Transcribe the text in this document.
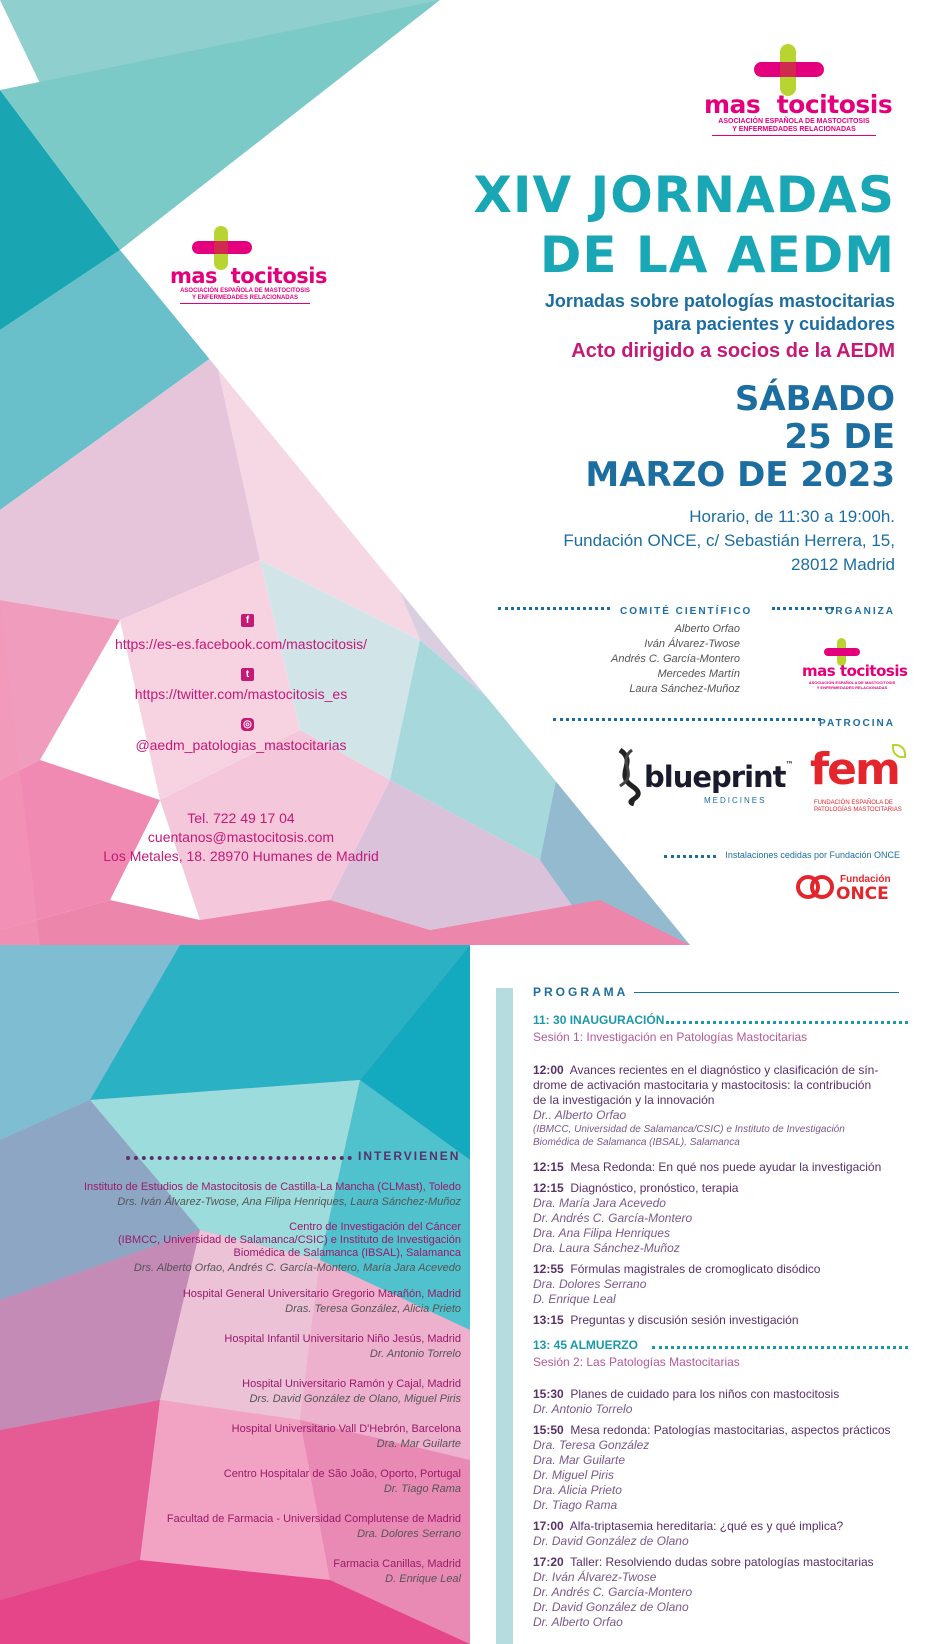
mas tocitosis
ASOCIACIÓN ESPAÑOLA DE MASTOCITOSIS
Y ENFERMEDADES RELACIONADAS
mas tocitosis
ASOCIACIÓN ESPAÑOLA DE MASTOCITOSIS
Y ENFERMEDADES RELACIONADAS
XIV JORNADAS
DE LA AEDM
Jornadas sobre patologías mastocitarias
para pacientes y cuidadores
Acto dirigido a socios de la AEDM
SÁBADO
25 DE
MARZO DE 2023
Horario, de 11:30 a 19:00h.
Fundación ONCE, c/ Sebastián Herrera, 15,
28012 Madrid
COMITÉ CIENTÍFICO	ORGANIZA
Alberto Orfao
Iván Álvarez-Twose
Andrés C. García-Montero
Mercedes Martín
Laura Sánchez-Muñoz
mas tocitosis
ASOCIACIÓN ESPAÑOLA DE MASTOCITOSIS
Y ENFERMEDADES RELACIONADAS
PATROCINA
blueprint™
MEDICINES
fem
FUNDACIÓN ESPAÑOLA DE
PATOLOGÍAS MASTOCITARIAS
Instalaciones cedidas por Fundación ONCE
Fundación
ONCE
f
https://es-es.facebook.com/mastocitosis/
t
https://twitter.com/mastocitosis_es
◎
@aedm_patologias_mastocitarias
Tel. 722 49 17 04
cuentanos@mastocitosis.com
Los Metales, 18. 28970 Humanes de Madrid
INTERVIENEN
Instituto de Estudios de Mastocitosis de Castilla-La Mancha (CLMast), Toledo
Drs. Iván Álvarez-Twose, Ana Filipa Henriques, Laura Sánchez-Muñoz
Centro de Investigación del Cáncer
(IBMCC, Universidad de Salamanca/CSIC) e Instituto de Investigación
Biomédica de Salamanca (IBSAL), Salamanca
Drs. Alberto Orfao, Andrés C. García-Montero, María Jara Acevedo
Hospital General Universitario Gregorio Marañón, Madrid
Dras. Teresa González, Alicia Prieto
Hospital Infantil Universitario Niño Jesús, Madrid
Dr. Antonio Torrelo
Hospital Universitario Ramón y Cajal, Madrid
Drs. David González de Olano, Miguel Piris
Hospital Universitario Vall D'Hebrón, Barcelona
Dra. Mar Guilarte
Centro Hospitalar de São João, Oporto, Portugal
Dr. Tiago Rama
Facultad de Farmacia - Universidad Complutense de Madrid
Dra. Dolores Serrano
Farmacia Canillas, Madrid
D. Enrique Leal
PROGRAMA
11: 30 INAUGURACIÓN
Sesión 1: Investigación en Patologías Mastocitarias
12:00 Avances recientes en el diagnóstico y clasificación de sín-
drome de activación mastocitaria y mastocitosis: la contribución
de la investigación y la innovación
Dr.. Alberto Orfao
(IBMCC, Universidad de Salamanca/CSIC) e Instituto de Investigación
Biomédica de Salamanca (IBSAL), Salamanca
12:15 Mesa Redonda: En qué nos puede ayudar la investigación
12:15 Diagnóstico, pronóstico, terapia
Dra. María Jara Acevedo
Dr. Andrés C. García-Montero
Dra. Ana Filipa Henriques
Dra. Laura Sánchez-Muñoz
12:55 Fórmulas magistrales de cromoglicato disódico
Dra. Dolores Serrano
D. Enrique Leal
13:15 Preguntas y discusión sesión investigación
13: 45 ALMUERZO
Sesión 2: Las Patologías Mastocitarias
15:30 Planes de cuidado para los niños con mastocitosis
Dr. Antonio Torrelo
15:50 Mesa redonda: Patologías mastocitarias, aspectos prácticos
Dra. Teresa González
Dra. Mar Guilarte
Dr. Miguel Piris
Dra. Alicia Prieto
Dr. Tiago Rama
17:00 Alfa-triptasemia hereditaria: ¿qué es y qué implica?
Dr. David González de Olano
17:20 Taller: Resolviendo dudas sobre patologías mastocitarias
Dr. Iván Álvarez-Twose
Dr. Andrés C. García-Montero
Dr. David González de Olano
Dr. Alberto Orfao
